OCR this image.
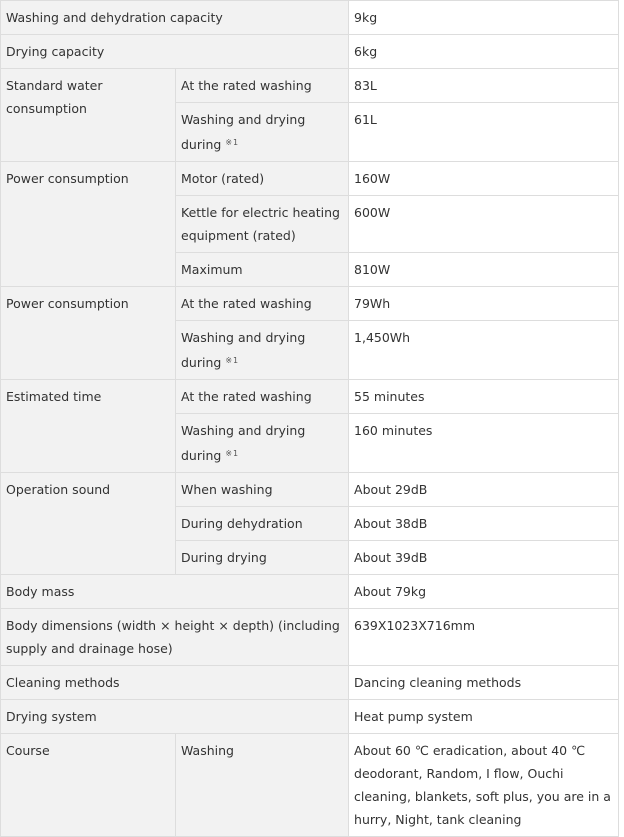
Washing and dehydration capacity		9kg
Drying capacity		6kg
Standard water consumption	At the rated washing	83L
	Washing and drying during $^{※1}$	61L
Power consumption	Motor (rated)	160W
	Kettle for electric heating equipment (rated)	600W
	Maximum	810W
Power consumption	At the rated washing	79Wh
	Washing and drying during $^{※1}$	1,450Wh
Estimated time	At the rated washing	55 minutes
	Washing and drying during $^{※1}$	160 minutes
Operation sound	When washing	About 29dB
	During dehydration	About 38dB
	During drying	About 39dB
Body mass		About 79kg
Body dimensions (width × height × depth) (including supply and drainage hose)		639X1023X716mm
Cleaning methods		Dancing cleaning methods
Drying system		Heat pump system
Course	Washing	About 60 ℃ eradication, about 40 ℃ deodorant, Random, I flow, Ouchi cleaning, blankets, soft plus, you are in a hurry, Night, tank cleaning
